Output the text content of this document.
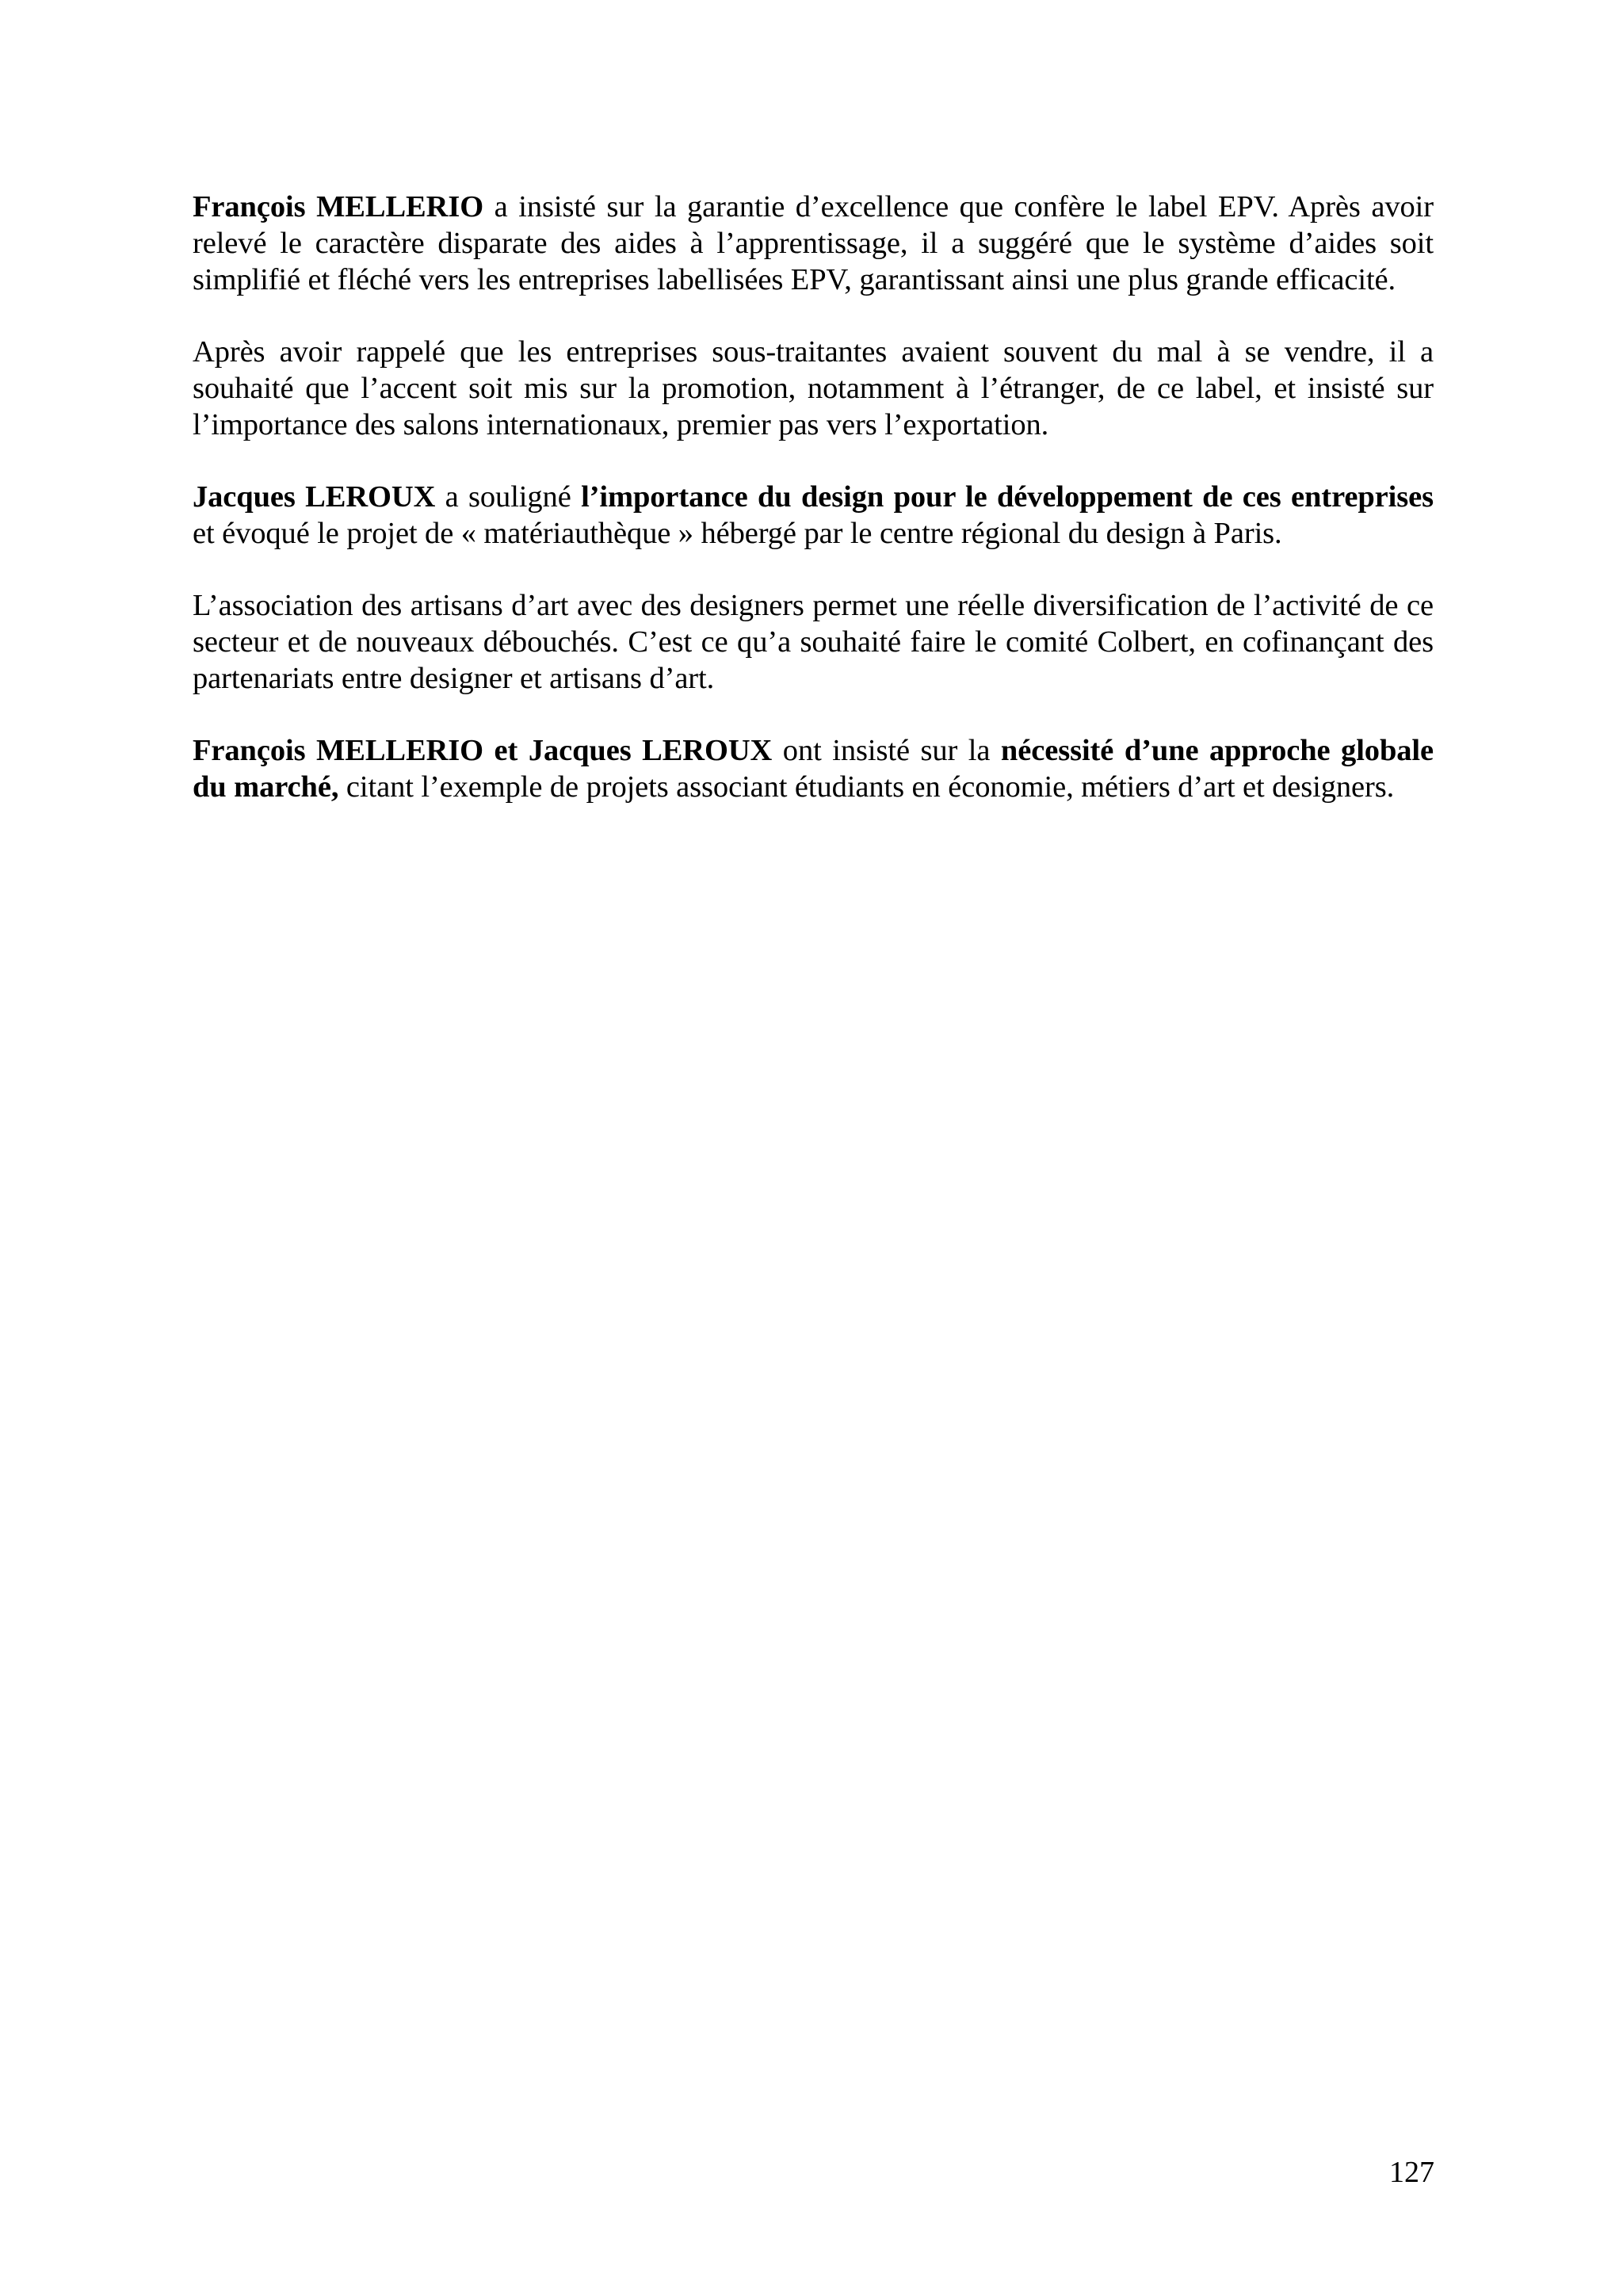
François MELLERIO a insisté sur la garantie d’excellence que confère le label EPV. Après avoir relevé le caractère disparate des aides à l’apprentissage, il a suggéré que le système d’aides soit simplifié et fléché vers les entreprises labellisées EPV, garantissant ainsi une plus grande efficacité.

Après avoir rappelé que les entreprises sous-traitantes avaient souvent du mal à se vendre, il a souhaité que l’accent soit mis sur la promotion, notamment à l’étranger, de ce label, et insisté sur l’importance des salons internationaux, premier pas vers l’exportation.

Jacques LEROUX a souligné l’importance du design pour le développement de ces entreprises et évoqué le projet de « matériauthèque » hébergé par le centre régional du design à Paris.

L’association des artisans d’art avec des designers permet une réelle diversification de l’activité de ce secteur et de nouveaux débouchés. C’est ce qu’a souhaité faire le comité Colbert, en cofinançant des partenariats entre designer et artisans d’art.

François MELLERIO et Jacques LEROUX ont insisté sur la nécessité d’une approche globale du marché, citant l’exemple de projets associant étudiants en économie, métiers d’art et designers.

127
